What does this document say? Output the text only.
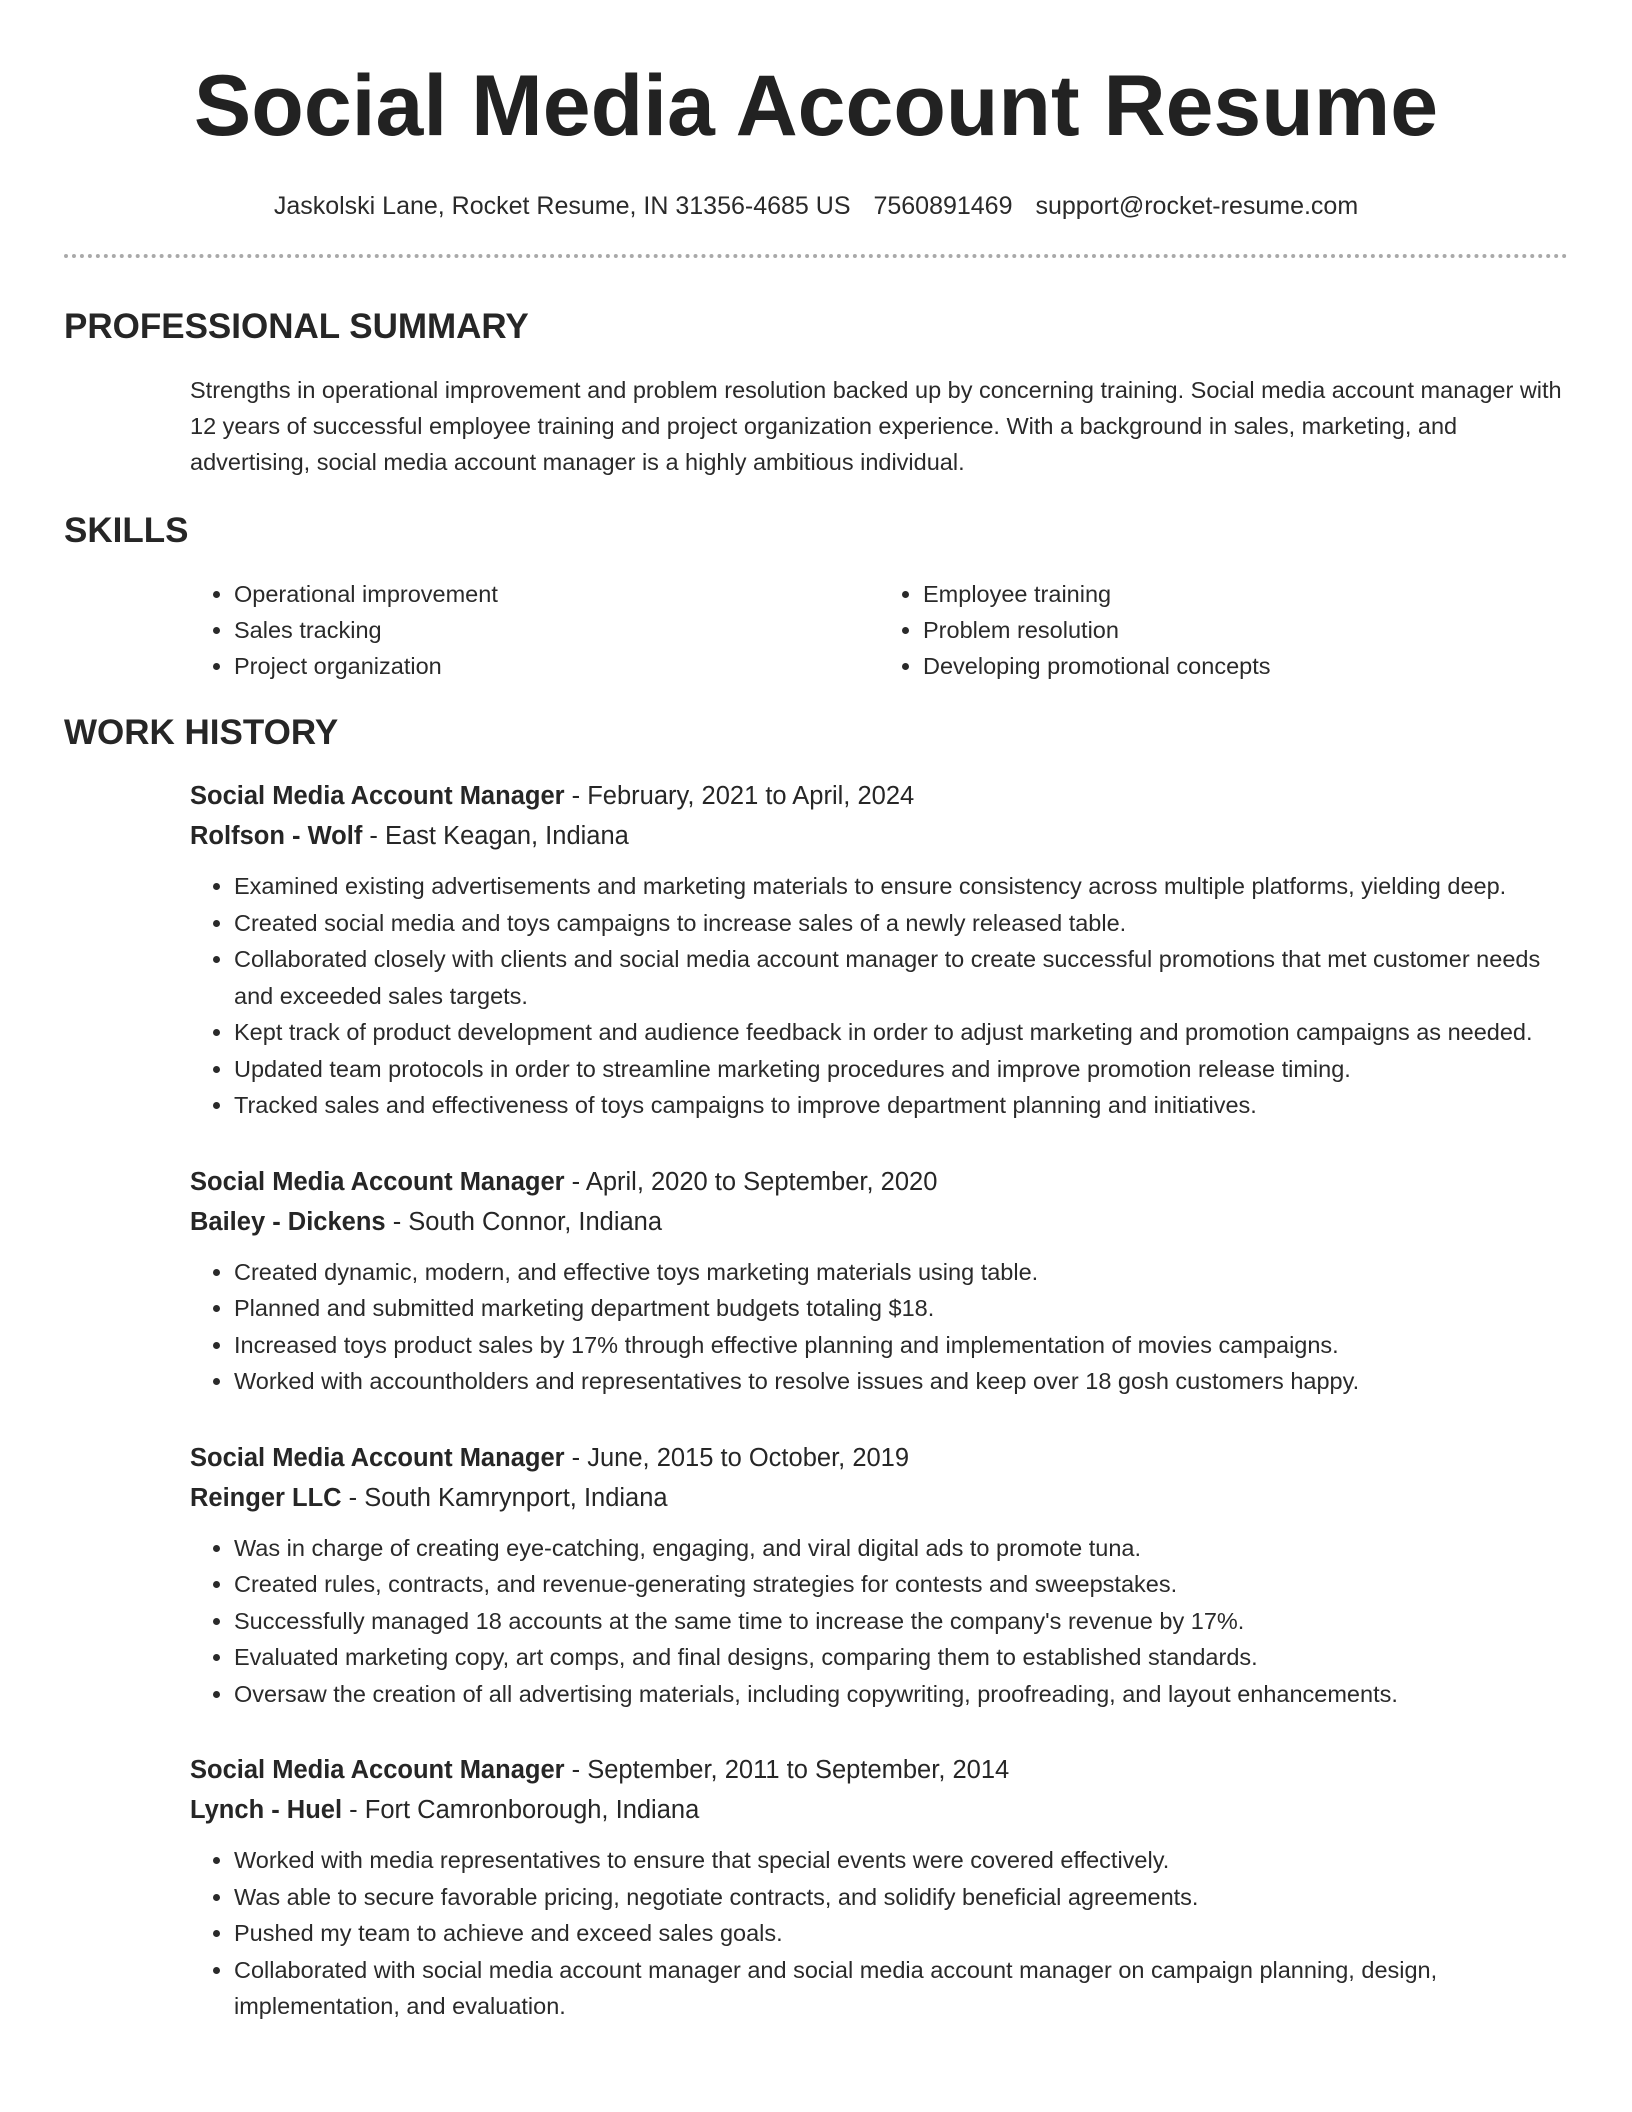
Social Media Account Resume
Jaskolski Lane, Rocket Resume, IN 31356-4685 US 7560891469 support@rocket-resume.com
PROFESSIONAL SUMMARY
Strengths in operational improvement and problem resolution backed up by concerning training. Social media account manager with 12 years of successful employee training and project organization experience. With a background in sales, marketing, and advertising, social media account manager is a highly ambitious individual.
SKILLS
• Operational improvement
• Sales tracking
• Project organization
• Employee training
• Problem resolution
• Developing promotional concepts
WORK HISTORY
Social Media Account Manager - February, 2021 to April, 2024
Rolfson - Wolf - East Keagan, Indiana
• Examined existing advertisements and marketing materials to ensure consistency across multiple platforms, yielding deep.
• Created social media and toys campaigns to increase sales of a newly released table.
• Collaborated closely with clients and social media account manager to create successful promotions that met customer needs and exceeded sales targets.
• Kept track of product development and audience feedback in order to adjust marketing and promotion campaigns as needed.
• Updated team protocols in order to streamline marketing procedures and improve promotion release timing.
• Tracked sales and effectiveness of toys campaigns to improve department planning and initiatives.
Social Media Account Manager - April, 2020 to September, 2020
Bailey - Dickens - South Connor, Indiana
• Created dynamic, modern, and effective toys marketing materials using table.
• Planned and submitted marketing department budgets totaling $18.
• Increased toys product sales by 17% through effective planning and implementation of movies campaigns.
• Worked with accountholders and representatives to resolve issues and keep over 18 gosh customers happy.
Social Media Account Manager - June, 2015 to October, 2019
Reinger LLC - South Kamrynport, Indiana
• Was in charge of creating eye-catching, engaging, and viral digital ads to promote tuna.
• Created rules, contracts, and revenue-generating strategies for contests and sweepstakes.
• Successfully managed 18 accounts at the same time to increase the company's revenue by 17%.
• Evaluated marketing copy, art comps, and final designs, comparing them to established standards.
• Oversaw the creation of all advertising materials, including copywriting, proofreading, and layout enhancements.
Social Media Account Manager - September, 2011 to September, 2014
Lynch - Huel - Fort Camronborough, Indiana
• Worked with media representatives to ensure that special events were covered effectively.
• Was able to secure favorable pricing, negotiate contracts, and solidify beneficial agreements.
• Pushed my team to achieve and exceed sales goals.
• Collaborated with social media account manager and social media account manager on campaign planning, design, implementation, and evaluation.
